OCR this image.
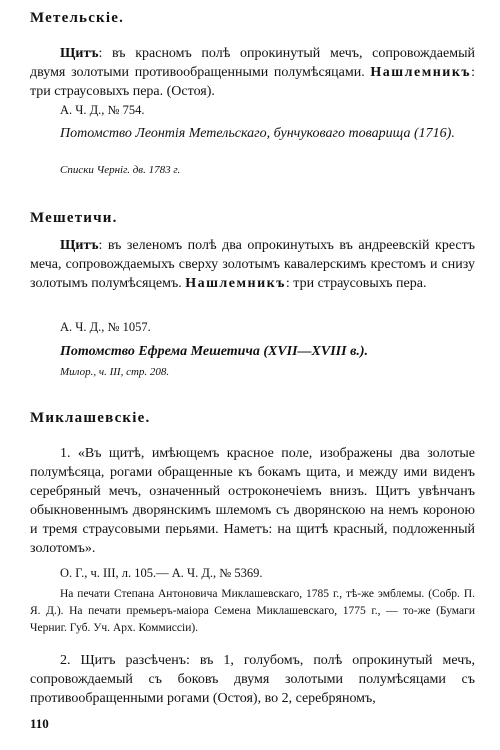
Метельскіе.
Щитъ: въ красномъ полѣ опрокинутый мечъ, сопровождаемый двумя золотыми противообращенными полумѣсяцами. Нашлемникъ: три страусовыхъ пера. (Остоя).
А. Ч. Д., № 754.
Потомство Леонтія Метельскаго, бунчуковаго товарища (1716).
Списки Черніг. дв. 1783 г.
Мешетичи.
Щитъ: въ зеленомъ полѣ два опрокинутыхъ въ андреевскій крестъ меча, сопровождаемыхъ сверху золотымъ кавалерскимъ крестомъ и снизу золотымъ полумѣсяцемъ. Нашлемникъ: три страусовыхъ пера.
А. Ч. Д., № 1057.
Потомство Ефрема Мешетича (XVII—XVIII в.).
Милор., ч. III, стр. 208.
Миклашевскіе.
1. «Въ щитѣ, имѣющемъ красное поле, изображены два золотые полумѣсяца, рогами обращенные къ бокамъ щита, и между ими виденъ серебряный мечъ, означенный остроконечіемъ внизъ. Щитъ увѣнчанъ обыкновеннымъ дворянскимъ шлемомъ съ дворянскою на немъ короною и тремя страусовыми перьями. Наметъ: на щитѣ красный, подложенный золотомъ».
О. Г., ч. III, л. 105.— А. Ч. Д., № 5369.
На печати Степана Антоновича Миклашевскаго, 1785 г., тѣ-же эмблемы. (Собр. П. Я. Д.). На печати премьеръ-маіора Семена Миклашевскаго, 1775 г., — то-же (Бумаги Черниг. Губ. Уч. Арх. Коммиссіи).
2. Щитъ разсѣченъ: въ 1, голубомъ, полѣ опрокинутый мечъ, сопровождаемый съ боковъ двумя золотыми полумѣсяцами съ противообращенными рогами (Остоя), во 2, серебряномъ,
110
